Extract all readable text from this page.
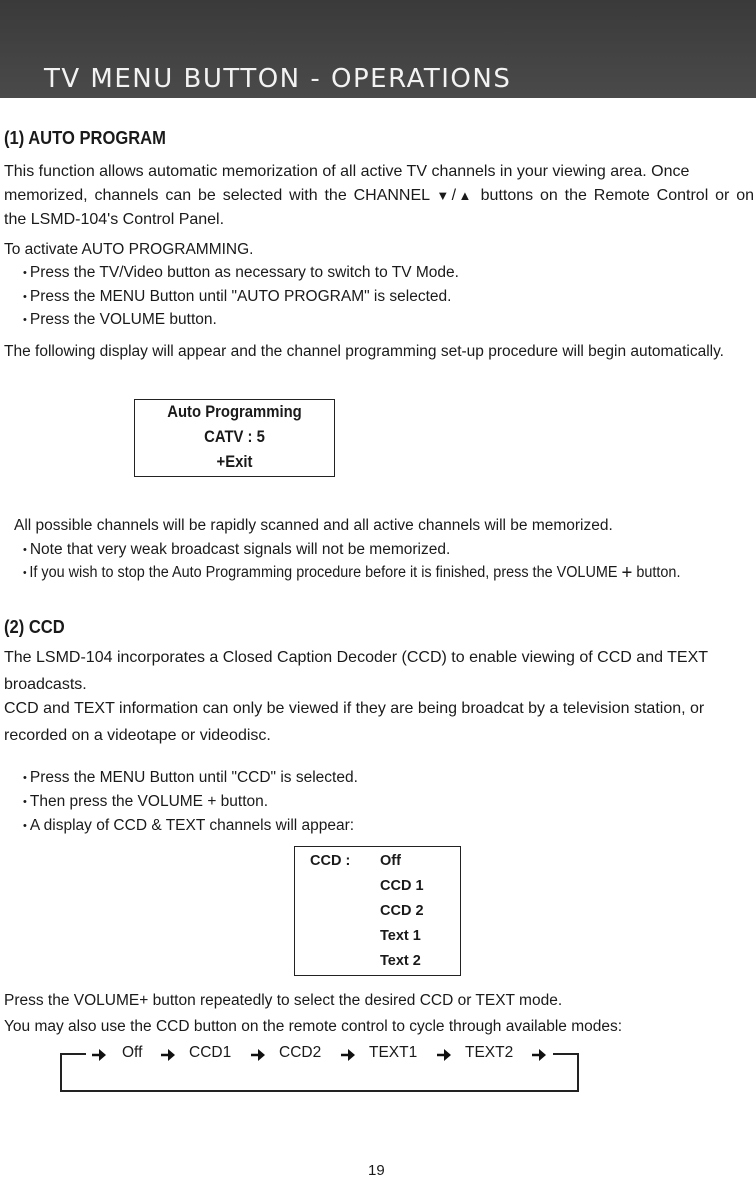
TV MENU BUTTON - OPERATIONS
(1) AUTO PROGRAM
This function allows automatic memorization of all active TV channels in your viewing area. Once
memorized, channels can be selected with the CHANNEL ▼/▲ buttons on the Remote Control or on
the LSMD-104's Control Panel.
To activate AUTO PROGRAMMING.
• Press the TV/Video button as necessary to switch to TV Mode.
• Press the MENU Button until "AUTO PROGRAM" is selected.
• Press the VOLUME button.
The following display will appear and the channel programming set-up procedure will begin automatically.
Auto Programming
CATV : 5
+Exit
All possible channels will be rapidly scanned and all active channels will be memorized.
• Note that very weak broadcast signals will not be memorized.
• If you wish to stop the Auto Programming procedure before it is finished, press the VOLUME + button.
(2) CCD
The LSMD-104 incorporates a Closed Caption Decoder (CCD) to enable viewing of CCD and TEXT
broadcasts.
CCD and TEXT information can only be viewed if they are being broadcat by a television station, or
recorded on a videotape or videodisc.
• Press the MENU Button until "CCD" is selected.
• Then press the VOLUME + button.
• A display of CCD & TEXT channels will appear:
CCD : Off
CCD 1
CCD 2
Text 1
Text 2
Press the VOLUME+ button repeatedly to select the desired CCD or TEXT mode.
You may also use the CCD button on the remote control to cycle through available modes:
Off	CCD1	CCD2	TEXT1	TEXT2
19
